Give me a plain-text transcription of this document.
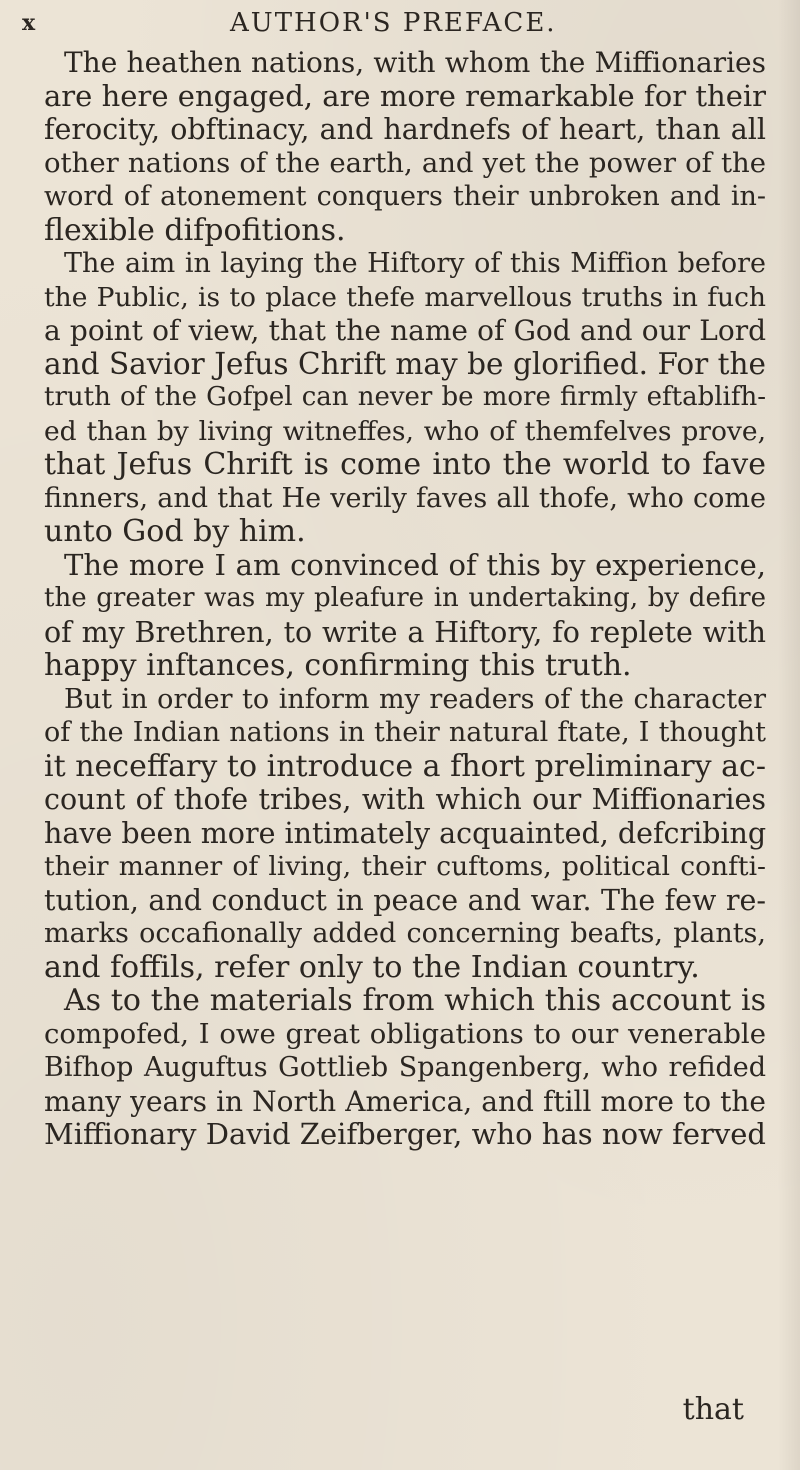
x	AUTHOR'S PREFACE.
The heathen nations, with whom the Miffionaries
are here engaged, are more remarkable for their
ferocity, obftinacy, and hardnefs of heart, than all
other nations of the earth, and yet the power of the
word of atonement conquers their unbroken and in-
flexible difpofitions.
The aim in laying the Hiftory of this Miffion before
the Public, is to place thefe marvellous truths in fuch
a point of view, that the name of God and our Lord
and Savior Jefus Chrift may be glorified. For the
truth of the Gofpel can never be more firmly eftablifh-
ed than by living witneffes, who of themfelves prove,
that Jefus Chrift is come into the world to fave
finners, and that He verily faves all thofe, who come
unto God by him.
The more I am convinced of this by experience,
the greater was my pleafure in undertaking, by defire
of my Brethren, to write a Hiftory, fo replete with
happy inftances, confirming this truth.
But in order to inform my readers of the character
of the Indian nations in their natural ftate, I thought
it neceffary to introduce a fhort preliminary ac-
count of thofe tribes, with which our Miffionaries
have been more intimately acquainted, defcribing
their manner of living, their cuftoms, political confti-
tution, and conduct in peace and war. The few re-
marks occafionally added concerning beafts, plants,
and foffils, refer only to the Indian country.
As to the materials from which this account is
compofed, I owe great obligations to our venerable
Bifhop Auguftus Gottlieb Spangenberg, who refided
many years in North America, and ftill more to the
Miffionary David Zeifberger, who has now ferved
that
